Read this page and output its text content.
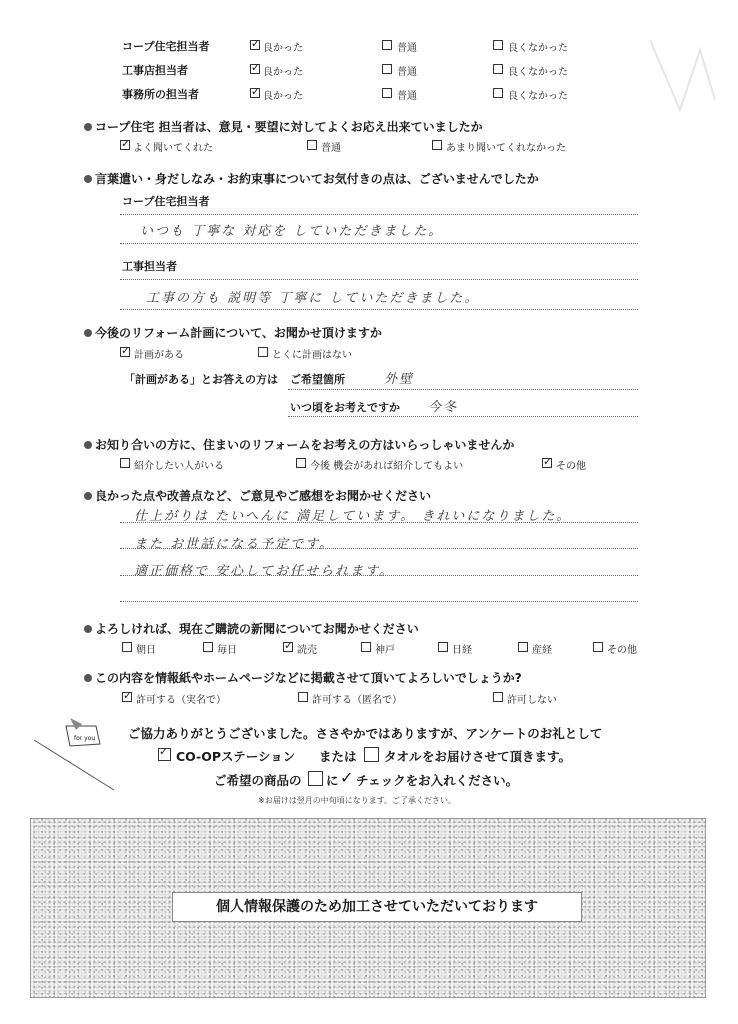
コープ住宅担当者 ✓	良かった	普通	良くなかった
工事店担当者 ✓	良かった	普通	良くなかった
事務所の担当者 ✓	良かった	普通	良くなかった
コープ住宅 担当者は、意見・要望に対してよくお応え出来ていましたか
✓
よく聞いてくれた	普通	あまり聞いてくれなかった
言葉遣い・身だしなみ・お約束事についてお気付きの点は、ございませんでしたか
コープ住宅担当者
いつも 丁寧な 対応を していただきました。
工事担当者
工事の方も 説明等 丁寧に していただきました。
今後のリフォーム計画について、お聞かせ頂けますか
✓
計画がある	とくに計画はない
「計画がある」とお答えの方は ご希望箇所	外壁
いつ頃をお考えですか 今冬
お知り合いの方に、住まいのリフォームをお考えの方はいらっしゃいませんか
紹介したい人がいる	今後 機会があれば紹介してもよい ✓	その他
良かった点や改善点など、ご意見やご感想をお聞かせください
仕上がりは たいへんに 満足しています。 きれいになりました。
また お世話になる予定です。
適正価格で 安心してお任せられます。
よろしければ、現在ご購読の新聞についてお聞かせください
朝日	毎日 ✓	読売	神戸	日経	産経	その他
この内容を情報紙やホームページなどに掲載させて頂いてよろしいでしょうか?
✓
許可する（実名で）	許可する（匿名で）	許可しない
for you	ご協力ありがとうございました。ささやかではありますが、アンケートのお礼として
✓
CO-OPステーション または タオル をお届けさせて頂きます。
ご希望の商品の に ✓ チェックをお入れください。
※お届けは翌月の中旬頃になります。ご了承ください。
個人情報保護のため加工させていただいております
